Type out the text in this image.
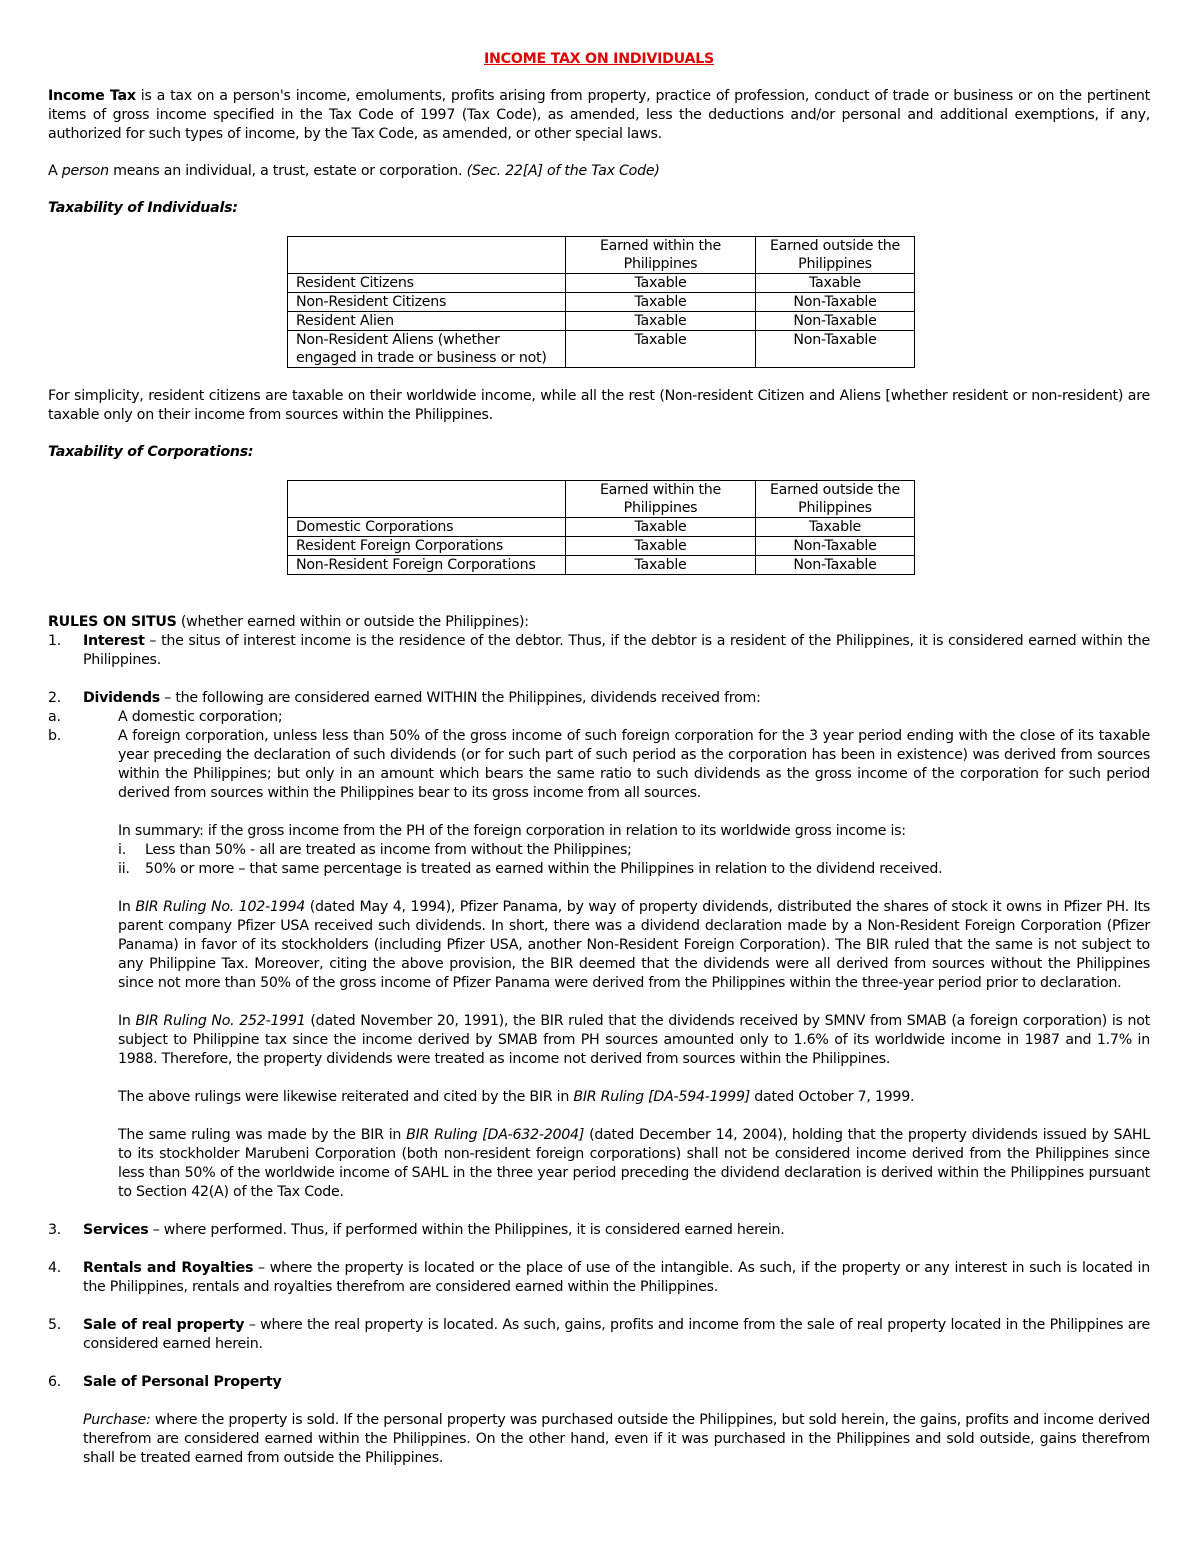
INCOME TAX ON INDIVIDUALS

Income Tax is a tax on a person's income, emoluments, profits arising from property, practice of profession, conduct of trade or business or on the pertinent items of gross income specified in the Tax Code of 1997 (Tax Code), as amended, less the deductions and/or personal and additional exemptions, if any, authorized for such types of income, by the Tax Code, as amended, or other special laws.

A person means an individual, a trust, estate or corporation. (Sec. 22[A] of the Tax Code)

Taxability of Individuals:

	Earned within the Philippines	Earned outside the Philippines
Resident Citizens	Taxable	Taxable
Non-Resident Citizens	Taxable	Non-Taxable
Resident Alien	Taxable	Non-Taxable
Non-Resident Aliens (whether engaged in trade or business or not)	Taxable	Non-Taxable

For simplicity, resident citizens are taxable on their worldwide income, while all the rest (Non-resident Citizen and Aliens [whether resident or non-resident) are taxable only on their income from sources within the Philippines.

Taxability of Corporations:

	Earned within the Philippines	Earned outside the Philippines
Domestic Corporations	Taxable	Taxable
Resident Foreign Corporations	Taxable	Non-Taxable
Non-Resident Foreign Corporations	Taxable	Non-Taxable

RULES ON SITUS (whether earned within or outside the Philippines):

1. Interest – the situs of interest income is the residence of the debtor. Thus, if the debtor is a resident of the Philippines, it is considered earned within the Philippines.
2. Dividends – the following are considered earned WITHIN the Philippines, dividends received from:
a.	A domestic corporation;
b.	A foreign corporation, unless less than 50% of the gross income of such foreign corporation for the 3 year period ending with the close of its taxable year preceding the declaration of such dividends (or for such part of such period as the corporation has been in existence) was derived from sources within the Philippines; but only in an amount which bears the same ratio to such dividends as the gross income of the corporation for such period derived from sources within the Philippines bear to its gross income from all sources.

In summary: if the gross income from the PH of the foreign corporation in relation to its worldwide gross income is:

i. Less than 50% - all are treated as income from without the Philippines;
ii. 50% or more – that same percentage is treated as earned within the Philippines in relation to the dividend received.

In BIR Ruling No. 102-1994 (dated May 4, 1994), Pfizer Panama, by way of property dividends, distributed the shares of stock it owns in Pfizer PH. Its parent company Pfizer USA received such dividends. In short, there was a dividend declaration made by a Non-Resident Foreign Corporation (Pfizer Panama) in favor of its stockholders (including Pfizer USA, another Non-Resident Foreign Corporation). The BIR ruled that the same is not subject to any Philippine Tax. Moreover, citing the above provision, the BIR deemed that the dividends were all derived from sources without the Philippines since not more than 50% of the gross income of Pfizer Panama were derived from the Philippines within the three-year period prior to declaration.

In BIR Ruling No. 252-1991 (dated November 20, 1991), the BIR ruled that the dividends received by SMNV from SMAB (a foreign corporation) is not subject to Philippine tax since the income derived by SMAB from PH sources amounted only to 1.6% of its worldwide income in 1987 and 1.7% in 1988. Therefore, the property dividends were treated as income not derived from sources within the Philippines.

The above rulings were likewise reiterated and cited by the BIR in BIR Ruling [DA-594-1999] dated October 7, 1999.

The same ruling was made by the BIR in BIR Ruling [DA-632-2004] (dated December 14, 2004), holding that the property dividends issued by SAHL to its stockholder Marubeni Corporation (both non-resident foreign corporations) shall not be considered income derived from the Philippines since less than 50% of the worldwide income of SAHL in the three year period preceding the dividend declaration is derived within the Philippines pursuant to Section 42(A) of the Tax Code.

3. Services – where performed. Thus, if performed within the Philippines, it is considered earned herein.
4. Rentals and Royalties – where the property is located or the place of use of the intangible. As such, if the property or any interest in such is located in the Philippines, rentals and royalties therefrom are considered earned within the Philippines.
5. Sale of real property – where the real property is located. As such, gains, profits and income from the sale of real property located in the Philippines are considered earned herein.
6. Sale of Personal Property

Purchase: where the property is sold. If the personal property was purchased outside the Philippines, but sold herein, the gains, profits and income derived therefrom are considered earned within the Philippines. On the other hand, even if it was purchased in the Philippines and sold outside, gains therefrom shall be treated earned from outside the Philippines.
